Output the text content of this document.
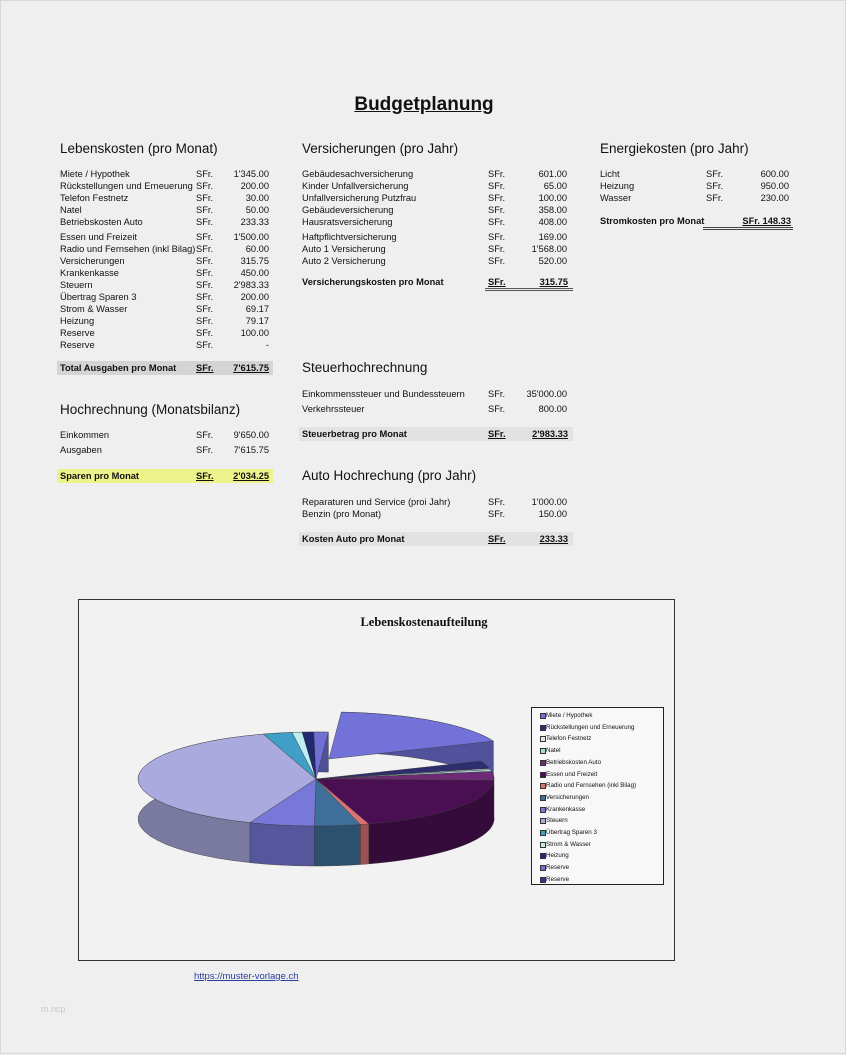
Budgetplanung
Lebenskosten (pro Monat)
Miete / Hypothek	SFr.	1'345.00
Rückstellungen und Erneuerung SFr.	200.00
Telefon Festnetz	SFr.	30.00
Natel	SFr.	50.00
Betriebskosten Auto	SFr.	233.33
Essen und Freizeit	SFr.	1'500.00
Radio und Fernsehen (inkl Bilag) SFr.	60.00
Versicherungen	SFr.	315.75
Krankenkasse	SFr.	450.00
Steuern	SFr.	2'983.33
Übertrag Sparen 3	SFr.	200.00
Strom & Wasser	SFr.	69.17
Heizung	SFr.	79.17
Reserve	SFr.	100.00
Reserve	SFr.	-
Total Ausgaben pro Monat SFr.	7'615.75
Hochrechnung (Monatsbilanz)
Einkommen	SFr.	9'650.00
Ausgaben	SFr.	7'615.75
Sparen pro Monat	SFr.	2'034.25
Versicherungen (pro Jahr)
Gebäudesachversicherung	SFr.	601.00
Kinder Unfallversicherung	SFr.	65.00
Unfallversicherung Putzfrau	SFr.	100.00
Gebäudeversicherung	SFr.	358.00
Hausratsversicherung	SFr.	408.00
Haftpflichtversicherung	SFr.	169.00
Auto 1 Versicherung	SFr.	1'568.00
Auto 2 Versicherung	SFr.	520.00
Versicherungskosten pro Monat	SFr.	315.75
Steuerhochrechnung
Einkommenssteuer und Bundessteuern SFr.	35'000.00
Verkehrssteuer	SFr.	800.00
Steuerbetrag pro Monat	SFr.	2'983.33
Auto Hochrechung (pro Jahr)
Reparaturen und Service (proi Jahr)	SFr.	1'000.00
Benzin (pro Monat)	SFr.	150.00
Kosten Auto pro Monat	SFr.	233.33
Energiekosten (pro Jahr)
Licht	SFr.	600.00
Heizung	SFr.	950.00
Wasser	SFr.	230.00
Stromkosten pro Monat	SFr. 148.33
Lebenskostenaufteilung
Miete / Hypothek
Rückstellungen und Erneuerung
Telefon Festnetz
Natel
Betriebskosten Auto
Essen und Freizeit
Radio und Fernsehen (inkl Bilag)
Versicherungen
Krankenkasse
Steuern
Übertrag Sparen 3
Strom & Wasser
Heizung
Reserve
Reserve
https://muster-vorlage.ch
m.ncp
